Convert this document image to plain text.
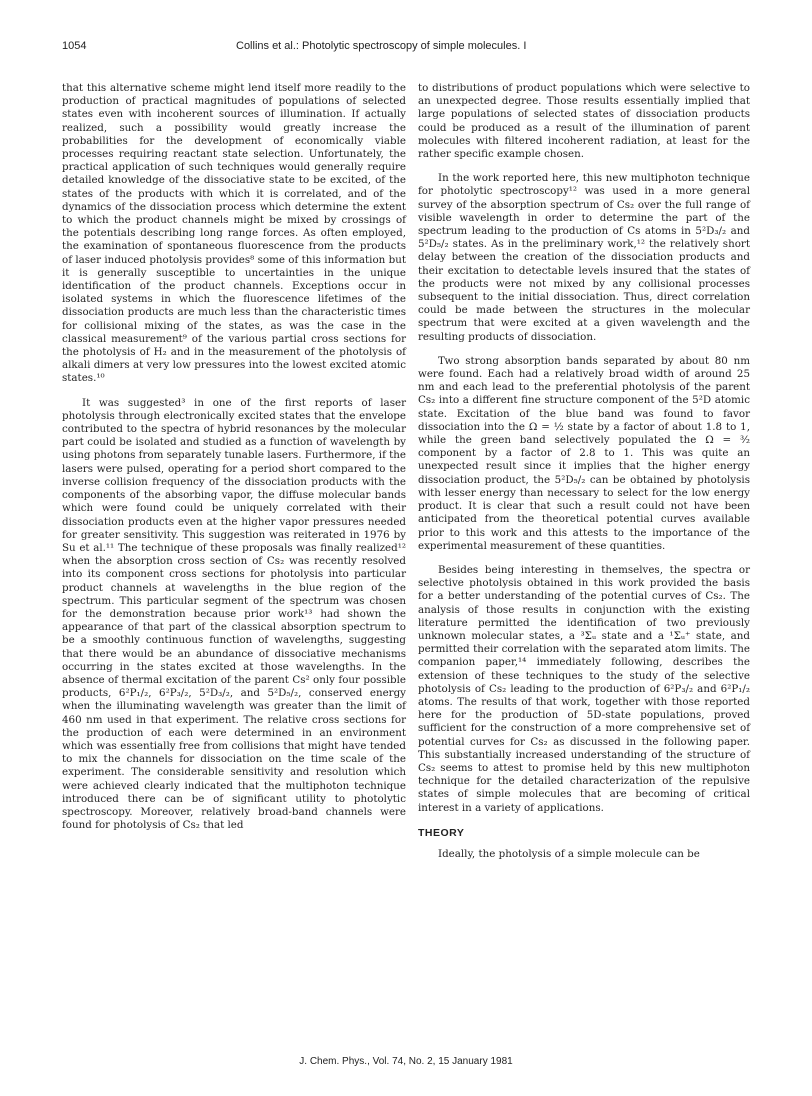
1054	Collins et al.: Photolytic spectroscopy of simple molecules. I

that this alternative scheme might lend itself more readily to the production of practical magnitudes of populations of selected states even with incoherent sources of illumination. If actually realized, such a possibility would greatly increase the probabilities for the development of economically viable processes requiring reactant state selection. Unfortunately, the practical application of such techniques would generally require detailed knowledge of the dissociative state to be excited, of the states of the products with which it is correlated, and of the dynamics of the dissociation process which determine the extent to which the product channels might be mixed by crossings of the potentials describing long range forces. As often employed, the examination of spontaneous fluorescence from the products of laser induced photolysis provides⁸ some of this information but it is generally susceptible to uncertainties in the unique identification of the product channels. Exceptions occur in isolated systems in which the fluorescence lifetimes of the dissociation products are much less than the characteristic times for collisional mixing of the states, as was the case in the classical measurement⁹ of the various partial cross sections for the photolysis of H₂ and in the measurement of the photolysis of alkali dimers at very low pressures into the lowest excited atomic states.¹⁰

It was suggested³ in one of the first reports of laser photolysis through electronically excited states that the envelope contributed to the spectra of hybrid resonances by the molecular part could be isolated and studied as a function of wavelength by using photons from separately tunable lasers. Furthermore, if the lasers were pulsed, operating for a period short compared to the inverse collision frequency of the dissociation products with the components of the absorbing vapor, the diffuse molecular bands which were found could be uniquely correlated with their dissociation products even at the higher vapor pressures needed for greater sensitivity. This suggestion was reiterated in 1976 by Su et al.¹¹ The technique of these proposals was finally realized¹² when the absorption cross section of Cs₂ was recently resolved into its component cross sections for photolysis into particular product channels at wavelengths in the blue region of the spectrum. This particular segment of the spectrum was chosen for the demonstration because prior work¹³ had shown the appearance of that part of the classical absorption spectrum to be a smoothly continuous function of wavelengths, suggesting that there would be an abundance of dissociative mechanisms occurring in the states excited at those wavelengths. In the absence of thermal excitation of the parent Cs² only four possible products, 6²P₁/₂, 6²P₃/₂, 5²D₃/₂, and 5²D₅/₂, conserved energy when the illuminating wavelength was greater than the limit of 460 nm used in that experiment. The relative cross sections for the production of each were determined in an environment which was essentially free from collisions that might have tended to mix the channels for dissociation on the time scale of the experiment. The considerable sensitivity and resolution which were achieved clearly indicated that the multiphoton technique introduced there can be of significant utility to photolytic spectroscopy. Moreover, relatively broad-band channels were found for photolysis of Cs₂ that led

to distributions of product populations which were selective to an unexpected degree. Those results essentially implied that large populations of selected states of dissociation products could be produced as a result of the illumination of parent molecules with filtered incoherent radiation, at least for the rather specific example chosen.

In the work reported here, this new multiphoton technique for photolytic spectroscopy¹² was used in a more general survey of the absorption spectrum of Cs₂ over the full range of visible wavelength in order to determine the part of the spectrum leading to the production of Cs atoms in 5²D₃/₂ and 5²D₅/₂ states. As in the preliminary work,¹² the relatively short delay between the creation of the dissociation products and their excitation to detectable levels insured that the states of the products were not mixed by any collisional processes subsequent to the initial dissociation. Thus, direct correlation could be made between the structures in the molecular spectrum that were excited at a given wavelength and the resulting products of dissociation.

Two strong absorption bands separated by about 80 nm were found. Each had a relatively broad width of around 25 nm and each lead to the preferential photolysis of the parent Cs₂ into a different fine structure component of the 5²D atomic state. Excitation of the blue band was found to favor dissociation into the Ω = ½ state by a factor of about 1.8 to 1, while the green band selectively populated the Ω = ³⁄₂ component by a factor of 2.8 to 1. This was quite an unexpected result since it implies that the higher energy dissociation product, the 5²D₅/₂ can be obtained by photolysis with lesser energy than necessary to select for the low energy product. It is clear that such a result could not have been anticipated from the theoretical potential curves available prior to this work and this attests to the importance of the experimental measurement of these quantities.

Besides being interesting in themselves, the spectra or selective photolysis obtained in this work provided the basis for a better understanding of the potential curves of Cs₂. The analysis of those results in conjunction with the existing literature permitted the identification of two previously unknown molecular states, a ³Σᵤ state and a ¹Σᵤ⁺ state, and permitted their correlation with the separated atom limits. The companion paper,¹⁴ immediately following, describes the extension of these techniques to the study of the selective photolysis of Cs₂ leading to the production of 6²P₃/₂ and 6²P₁/₂ atoms. The results of that work, together with those reported here for the production of 5D-state populations, proved sufficient for the construction of a more comprehensive set of potential curves for Cs₂ as discussed in the following paper. This substantially increased understanding of the structure of Cs₂ seems to attest to promise held by this new multiphoton technique for the detailed characterization of the repulsive states of simple molecules that are becoming of critical interest in a variety of applications.

THEORY

Ideally, the photolysis of a simple molecule can be

J. Chem. Phys., Vol. 74, No. 2, 15 January 1981
